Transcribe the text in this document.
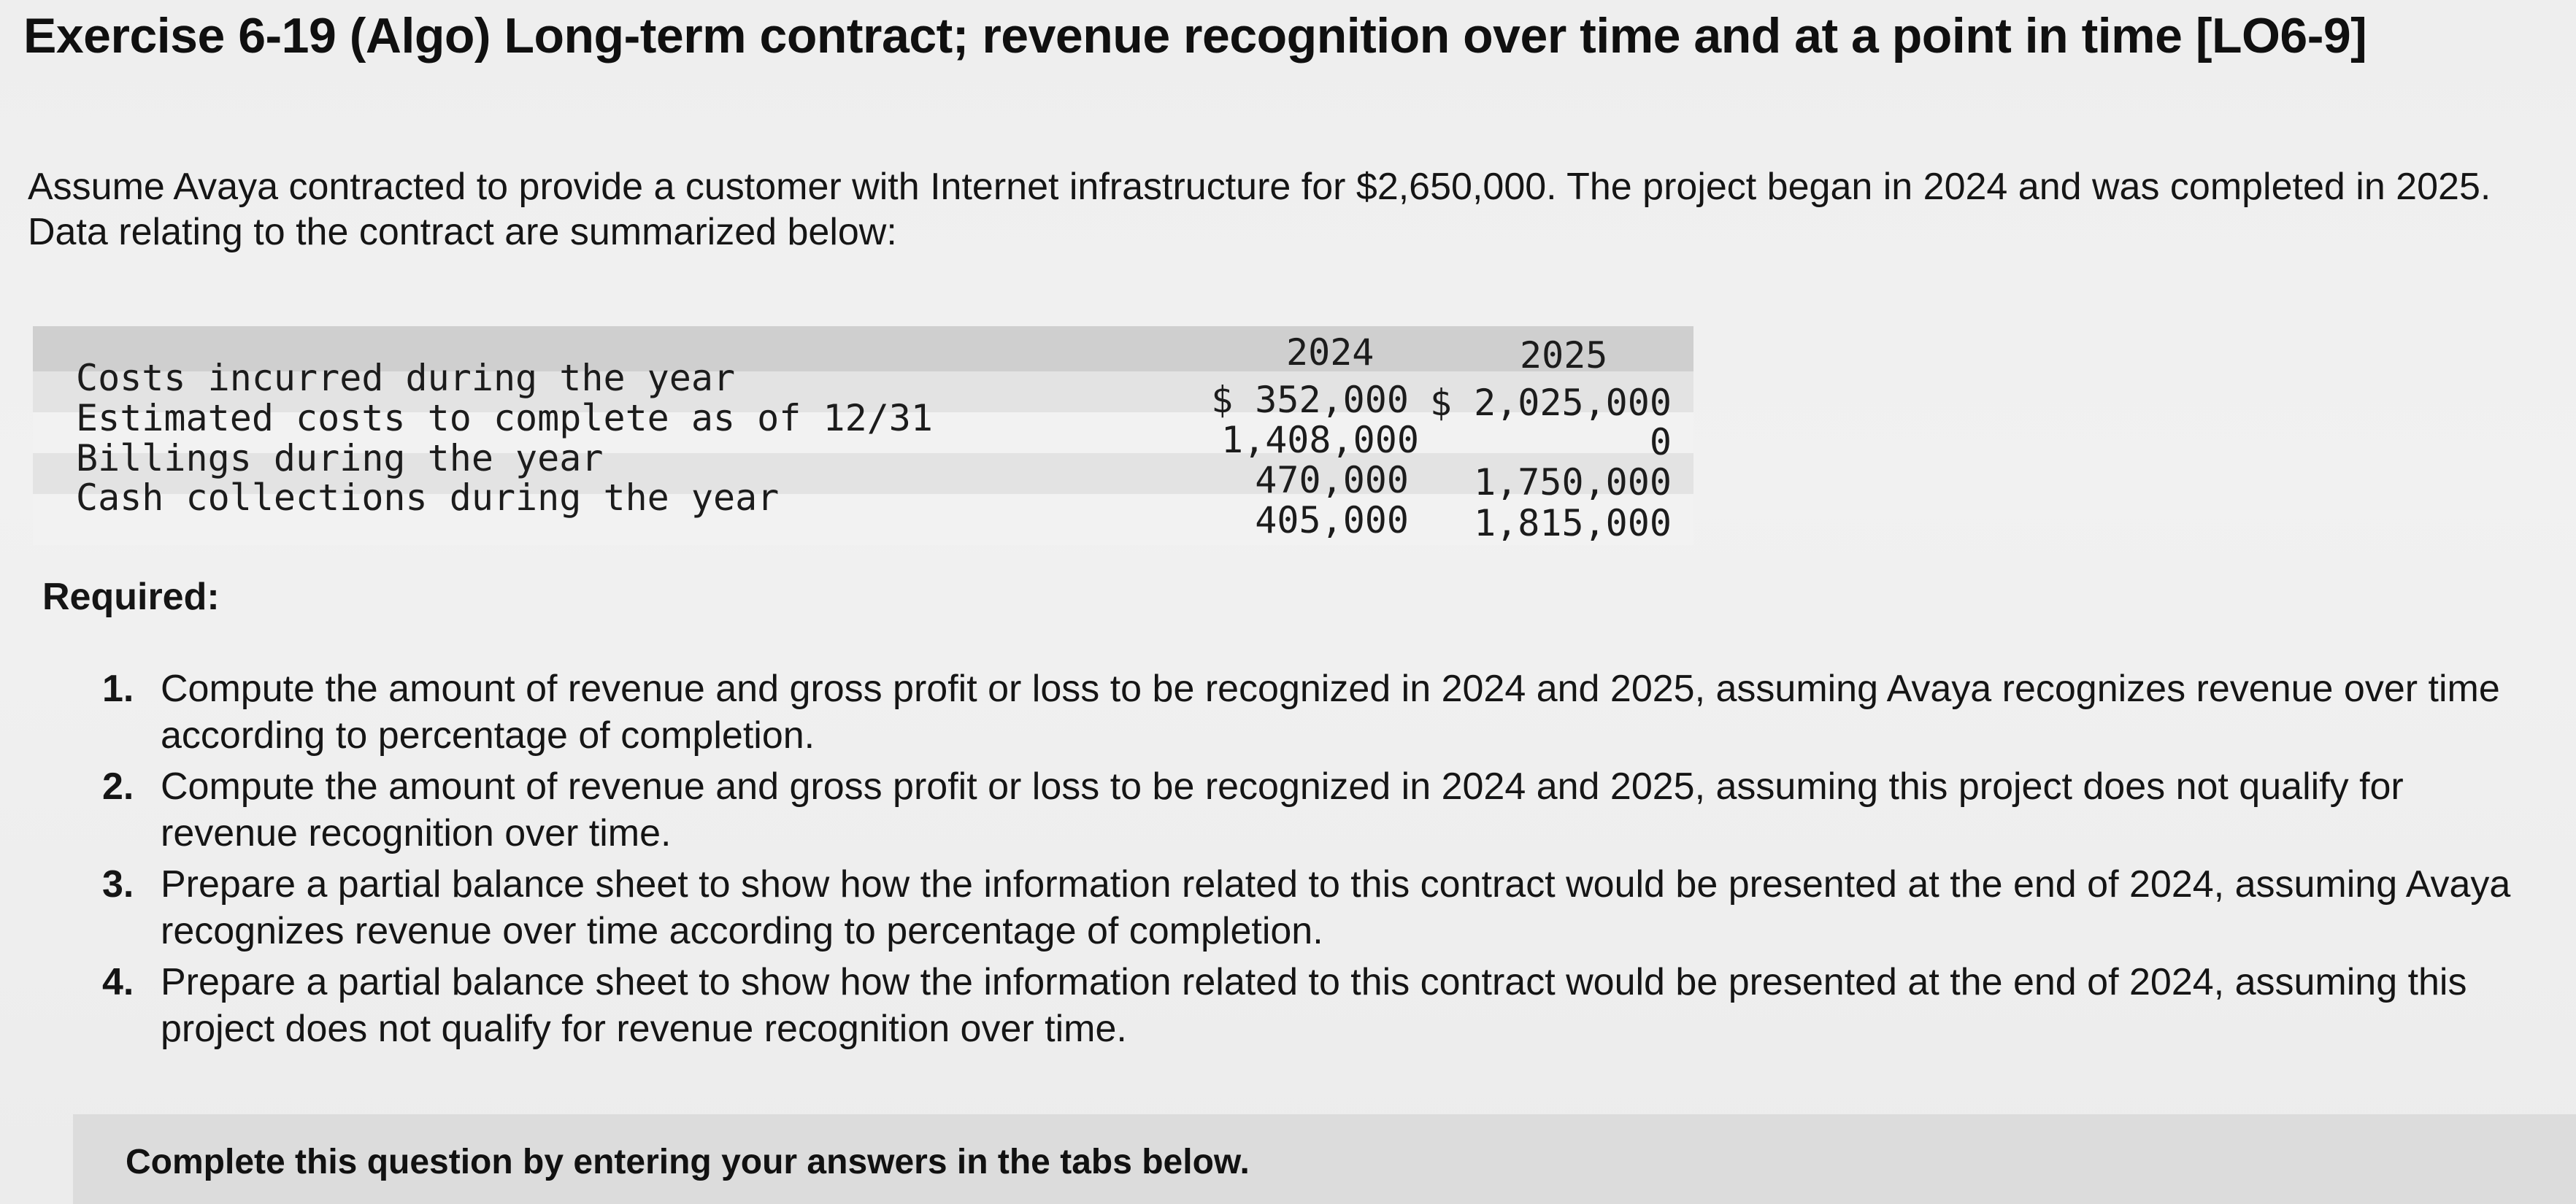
Exercise 6-19 (Algo) Long-term contract; revenue recognition over time and at a point in time [LO6-9]
Assume Avaya contracted to provide a customer with Internet infrastructure for $2,650,000. The project began in 2024 and was completed in 2025. Data relating to the contract are summarized below:
2024	2025
Costs incurred during the year
Estimated costs to complete as of 12/31
Billings during the year
Cash collections during the year
$ 352,000
1,408,000
470,000
405,000
$ 2,025,000
0
1,750,000
1,815,000
Required:
1. Compute the amount of revenue and gross profit or loss to be recognized in 2024 and 2025, assuming Avaya recognizes revenue over time according to percentage of completion.
2. Compute the amount of revenue and gross profit or loss to be recognized in 2024 and 2025, assuming this project does not qualify for revenue recognition over time.
3. Prepare a partial balance sheet to show how the information related to this contract would be presented at the end of 2024, assuming Avaya recognizes revenue over time according to percentage of completion.
4. Prepare a partial balance sheet to show how the information related to this contract would be presented at the end of 2024, assuming this project does not qualify for revenue recognition over time.
Complete this question by entering your answers in the tabs below.
